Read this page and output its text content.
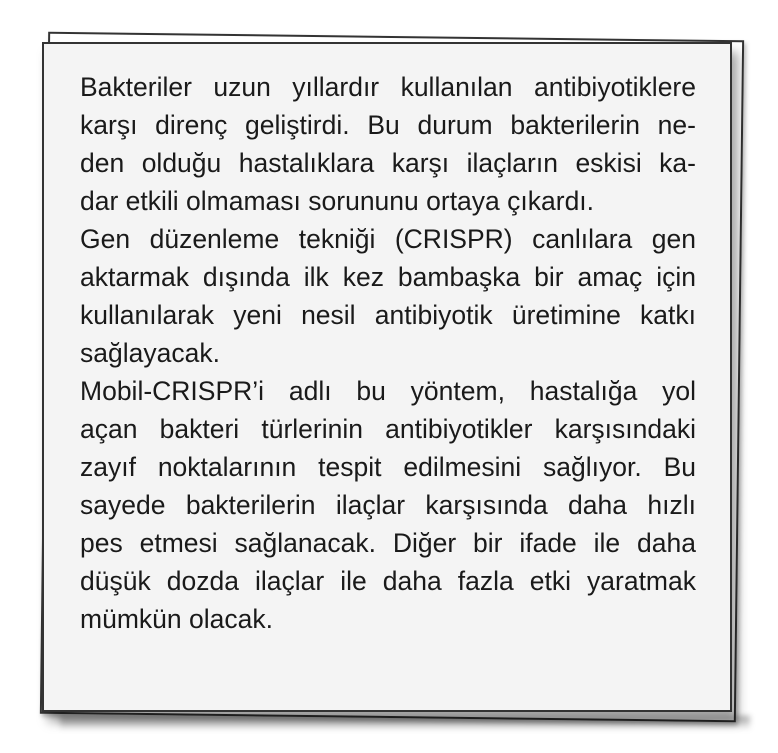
Bakteriler uzun yıllardır kullanılan antibiyotiklere
karşı direnç geliştirdi. Bu durum bakterilerin ne-
den olduğu hastalıklara karşı ilaçların eskisi ka-
dar etkili olmaması sorununu ortaya çıkardı.
Gen düzenleme tekniği (CRISPR) canlılara gen
aktarmak dışında ilk kez bambaşka bir amaç için
kullanılarak yeni nesil antibiyotik üretimine katkı
sağlayacak.
Mobil-CRISPR’i adlı bu yöntem, hastalığa yol
açan bakteri türlerinin antibiyotikler karşısındaki
zayıf noktalarının tespit edilmesini sağlıyor. Bu
sayede bakterilerin ilaçlar karşısında daha hızlı
pes etmesi sağlanacak. Diğer bir ifade ile daha
düşük dozda ilaçlar ile daha fazla etki yaratmak
mümkün olacak.
